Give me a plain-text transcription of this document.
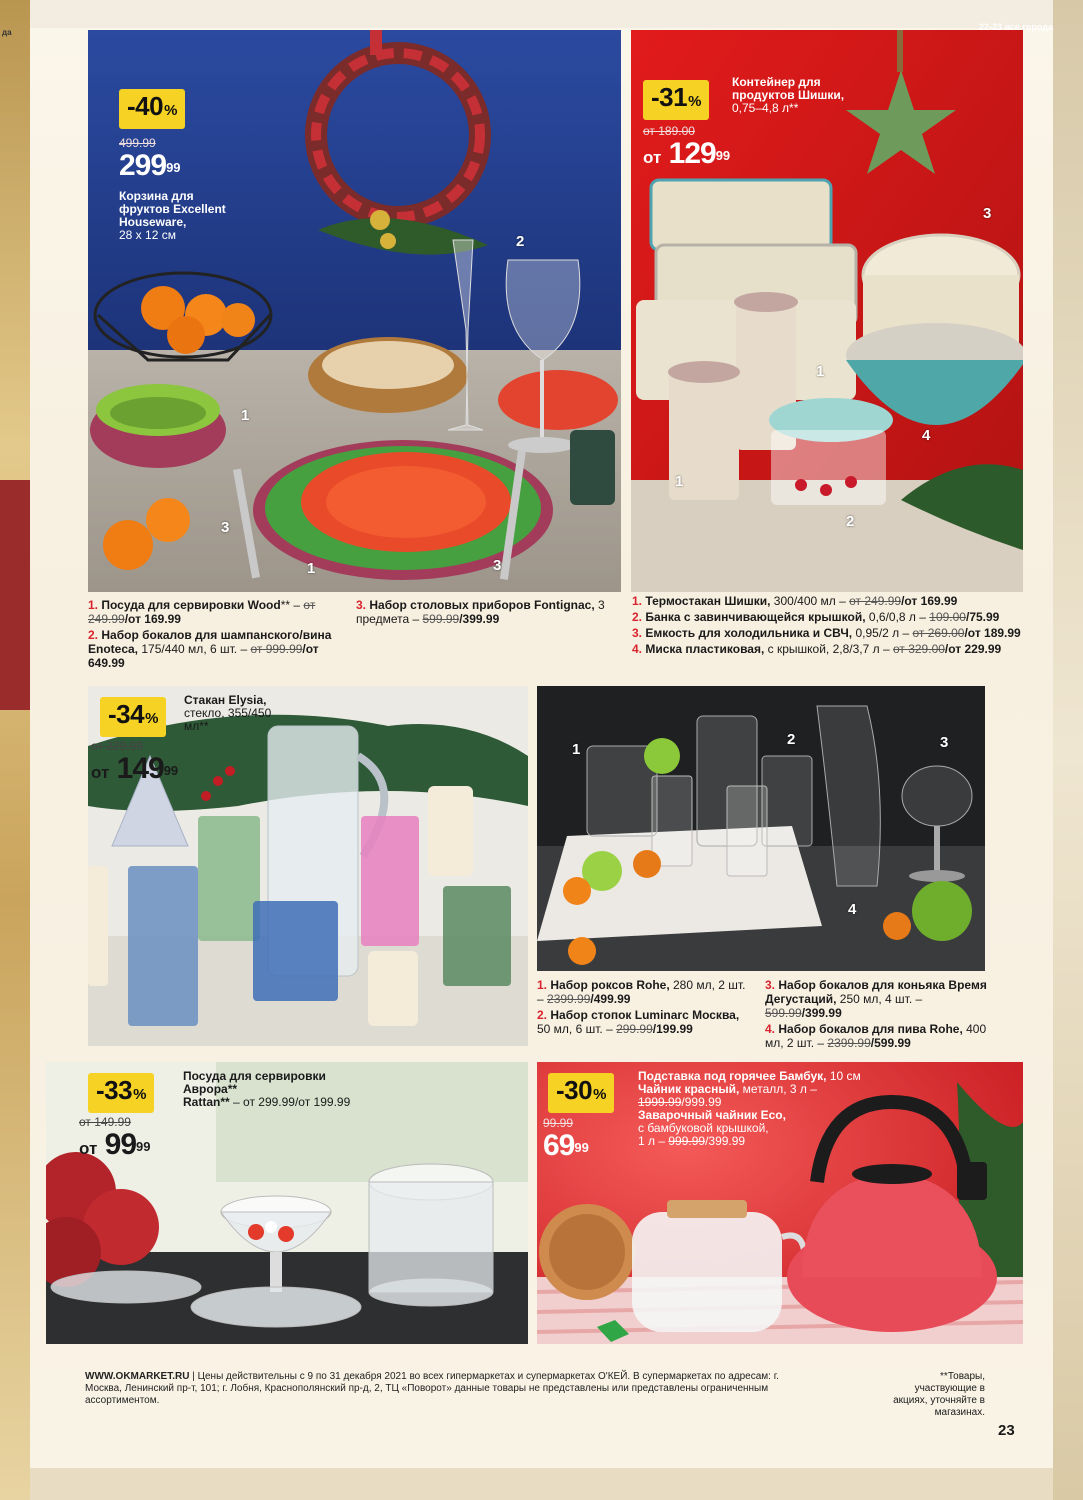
да
-40 %
499.99
$299^{99}$
Корзина для фруктов Excellent Houseware,
28 x 12 см	2
1
3
1	3
-31 %
от 189.00
от $129^{99}$
Контейнер для продуктов Шишки,
0,75–4,8 л**
3
1
4
1
2
1. Посуда для сервировки Wood** – от 249.99/от 169.99
2. Набор бокалов для шампанского/вина Enoteca, 175/440 мл, 6 шт. – от 999.99/от 649.99
3. Набор столовых приборов Fontignac, 3 предмета – 599.99/399.99
1. Термостакан Шишки, 300/400 мл – от 249.99/от 169.99
2. Банка с завинчивающейся крышкой, 0,6/0,8 л – 109.00/75.99
3. Емкость для холодильника и СВЧ, 0,95/2 л – от 269.00/от 189.99
4. Миска пластиковая, с крышкой, 2,8/3,7 л – от 329.00/от 229.99
-34 %
от 229.99
от $149^{99}$
Стакан Elysia,
стекло, 355/450 мл**
1
2	3
4
1. Набор роксов Rohe, 280 мл, 2 шт. – 2399.99/499.99
2. Набор стопок Luminarc Москва, 50 мл, 6 шт. – 299.99/199.99
3. Набор бокалов для коньяка Время Дегустаций, 250 мл, 4 шт. – 599.99/399.99
4. Набор бокалов для пива Rohe, 400 мл, 2 шт. – 2399.99/599.99
-33 %
от 149.99
от $99^{99}$
Посуда для сервировки Аврора**
Rattan** – от 299.99/от 199.99	-30 %
99.99
$69^{99}$
Подставка под горячее Бамбук, 10 см
Чайник красный, металл, 3 л –
1999.99/999.99
Заварочный чайник Eco,
с бамбуковой крышкой,
1 л – 999.99/399.99
WWW.OKMARKET.RU | Цены действительны с 9 по 31 декабря 2021 во всех гипермаркетах и супермаркетах О'КЕЙ. В супермаркетах по адресам: г. Москва, Ленинский пр-т, 101; г. Лобня, Краснополянский пр-д, 2, ТЦ «Поворот» данные товары не представлены или представлены ограниченным ассортиментом.
**Товары, участвующие в акциях, уточняйте в магазинах.
23
22-23 все города
